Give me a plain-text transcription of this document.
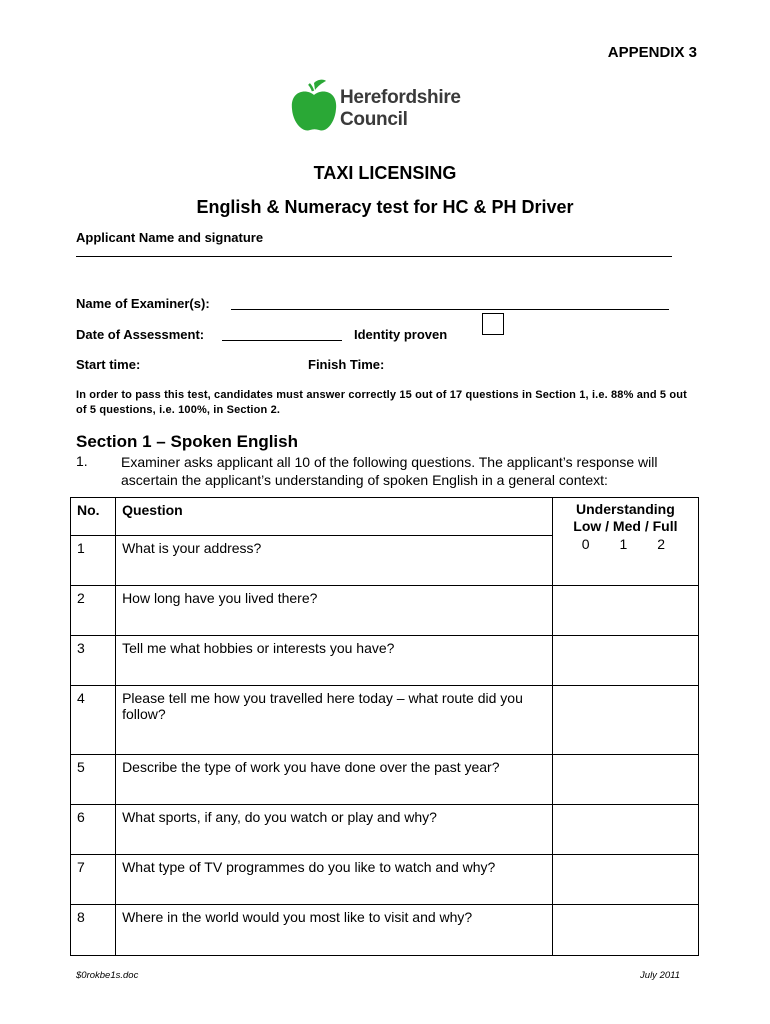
APPENDIX 3
Herefordshire
Council
TAXI LICENSING
English & Numeracy test for HC & PH Driver
Applicant Name and signature
Name of Examiner(s):
Date of Assessment:	Identity proven
Start time:	Finish Time:
In order to pass this test, candidates must answer correctly 15 out of 17 questions in Section 1, i.e. 88% and 5 out of 5 questions, i.e. 100%, in Section 2.
Section 1 – Spoken English
1. Examiner asks applicant all 10 of the following questions. The applicant’s response will ascertain the applicant’s understanding of spoken English in a general context:
No.	Question	Understanding
Low / Med / Full

1	What is your address?	0 1 2

2	How long have you lived there?	

3	Tell me what hobbies or interests you have?	

4	Please tell me how you travelled here today – what route did you follow?	

5	Describe the type of work you have done over the past year?	

6	What sports, if any, do you watch or play and why?	

7	What type of TV programmes do you like to watch and why?	

8	Where in the world would you most like to visit and why?	

$0rokbe1s.doc	July 2011
